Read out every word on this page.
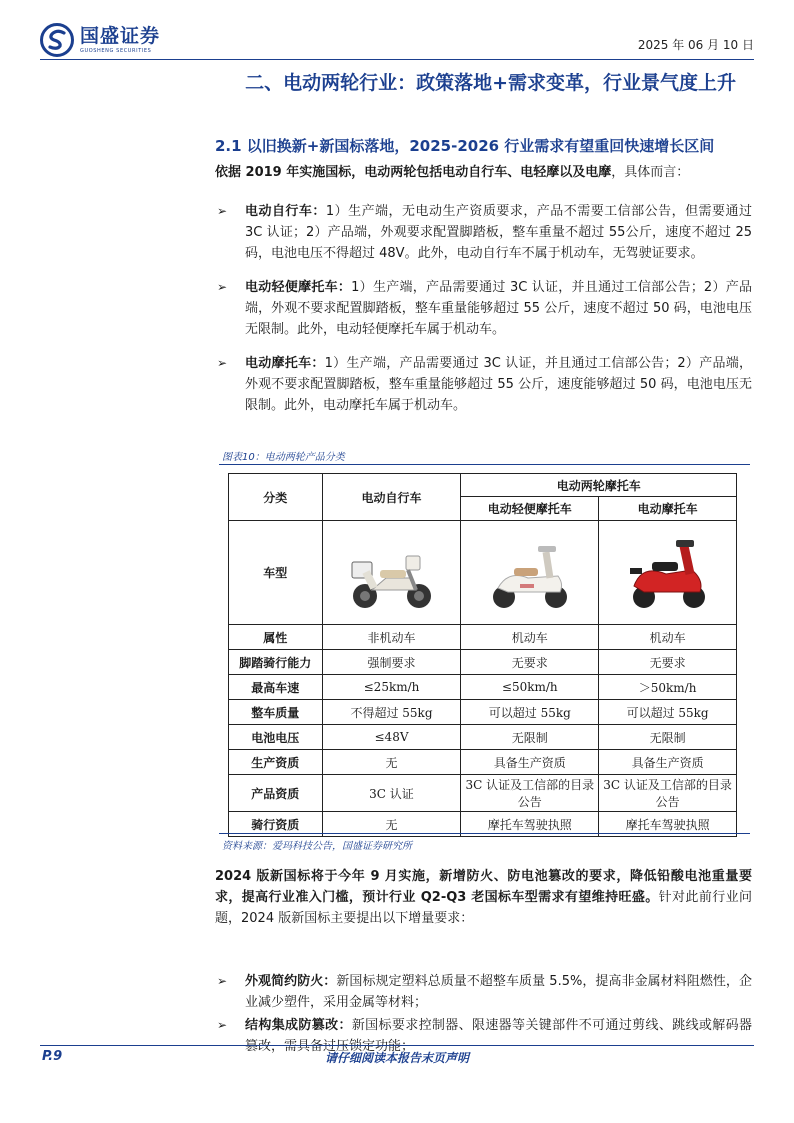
国盛证券
GUOSHENG SECURITIES	2025 年 06 月 10 日
二、电动两轮行业：政策落地+需求变革，行业景气度上升
2.1 以旧换新+新国标落地，2025-2026 行业需求有望重回快速增长区间
依据 2019 年实施国标，电动两轮包括电动自行车、电轻摩以及电摩，具体而言：
➢ 电动自行车：1）生产端，无电动生产资质要求，产品不需要工信部公告，但需要通过 3C 认证；2）产品端，外观要求配置脚踏板，整车重量不超过 55公斤，速度不超过 25 码，电池电压不得超过 48V。此外，电动自行车不属于机动车，无驾驶证要求。
➢ 电动轻便摩托车：1）生产端，产品需要通过 3C 认证，并且通过工信部公告；2）产品端，外观不要求配置脚踏板，整车重量能够超过 55 公斤，速度不超过 50 码，电池电压无限制。此外，电动轻便摩托车属于机动车。
➢ 电动摩托车：1）生产端，产品需要通过 3C 认证，并且通过工信部公告；2）产品端，外观不要求配置脚踏板，整车重量能够超过 55 公斤，速度能够超过 50 码，电池电压无限制。此外，电动摩托车属于机动车。
图表10：电动两轮产品分类
分类	电动自行车	电动两轮摩托车	
		电动轻便摩托车	电动摩托车
车型	

属性	非机动车	机动车	机动车
脚踏骑行能力	强制要求	无要求	无要求
最高车速	≤25km/h	≤50km/h	＞50km/h
整车质量	不得超过 55kg	可以超过 55kg	可以超过 55kg
电池电压	≤48V	无限制	无限制
生产资质	无	具备生产资质	具备生产资质
产品资质	3C 认证	3C 认证及工信部的目录公告	3C 认证及工信部的目录公告
骑行资质	无	摩托车驾驶执照	摩托车驾驶执照
资料来源：爱玛科技公告，国盛证券研究所
2024 版新国标将于今年 9 月实施，新增防火、防电池篡改的要求，降低铅酸电池重量要求，提高行业准入门槛，预计行业 Q2-Q3 老国标车型需求有望维持旺盛。针对此前行业问题，2024 版新国标主要提出以下增量要求：
➢ 外观简约防火：新国标规定塑料总质量不超整车质量 5.5%，提高非金属材料阻燃性，企业减少塑件，采用金属等材料；
➢ 结构集成防篡改：新国标要求控制器、限速器等关键部件不可通过剪线、跳线或解码器篡改，需具备过压锁定功能；
P.9	请仔细阅读本报告末页声明
